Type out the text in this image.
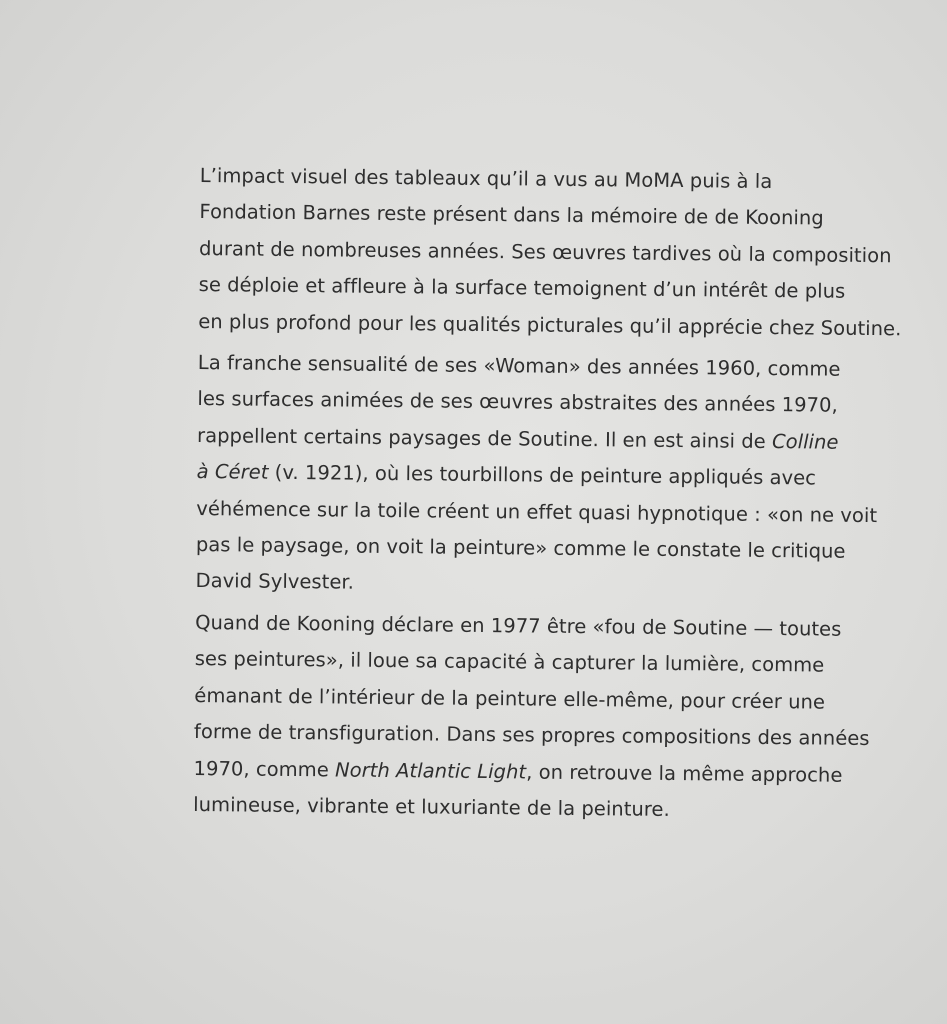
L’impact visuel des tableaux qu’il a vus au MoMA puis à la
Fondation Barnes reste présent dans la mémoire de de Kooning
durant de nombreuses années. Ses œuvres tardives où la composition
se déploie et affleure à la surface temoignent d’un intérêt de plus
en plus profond pour les qualités picturales qu’il apprécie chez Soutine.

La franche sensualité de ses «Woman» des années 1960, comme
les surfaces animées de ses œuvres abstraites des années 1970,
rappellent certains paysages de Soutine. Il en est ainsi de Colline
à Céret (v. 1921), où les tourbillons de peinture appliqués avec
véhémence sur la toile créent un effet quasi hypnotique : «on ne voit
pas le paysage, on voit la peinture» comme le constate le critique
David Sylvester.

Quand de Kooning déclare en 1977 être «fou de Soutine — toutes
ses peintures», il loue sa capacité à capturer la lumière, comme
émanant de l’intérieur de la peinture elle-même, pour créer une
forme de transfiguration. Dans ses propres compositions des années
1970, comme North Atlantic Light, on retrouve la même approche
lumineuse, vibrante et luxuriante de la peinture.
